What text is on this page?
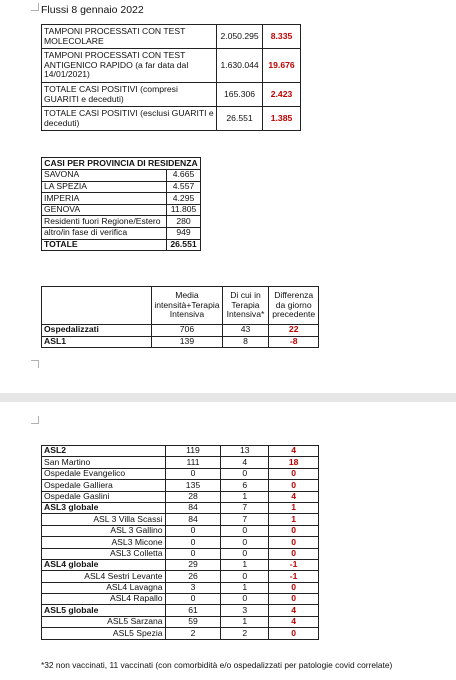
Flussi 8 gennaio 2022
TAMPONI PROCESSATI CON TEST MOLECOLARE	2.050.295	8.335
TAMPONI PROCESSATI CON TEST ANTIGENICO RAPIDO (a far data dal 14/01/2021)	1.630.044	19.676
TOTALE CASI POSITIVI (compresi GUARITI e deceduti)	165.306	2.423
TOTALE CASI POSITIVI (esclusi GUARITI e deceduti)	26.551	1.385
CASI PER PROVINCIA DI RESIDENZA	
SAVONA	4.665
LA SPEZIA	4.557
IMPERIA	4.295
GENOVA	11.805
Residenti fuori Regione/Estero	280
altro/in fase di verifica	949
TOTALE	26.551
	Media intensità+Terapia Intensiva	Di cui in Terapia Intensiva*	Differenza da giorno precedente
Ospedalizzati	706	43	22
ASL1	139	8	-8
ASL2	119	13	4
San Martino	111	4	18
Ospedale Evangelico	0	0	0
Ospedale Galliera	135	6	0
Ospedale Gaslini	28	1	4
ASL3 globale	84	7	1
ASL 3 Villa Scassi	84	7	1
ASL 3 Gallino	0	0	0
ASL3 Micone	0	0	0
ASL3 Colletta	0	0	0
ASL4 globale	29	1	-1
ASL4 Sestri Levante	26	0	-1
ASL4 Lavagna	3	1	0
ASL4 Rapallo	0	0	0
ASL5 globale	61	3	4
ASL5 Sarzana	59	1	4
ASL5 Spezia	2	2	0
*32 non vaccinati, 11 vaccinati (con comorbidità e/o ospedalizzati per patologie covid correlate)
